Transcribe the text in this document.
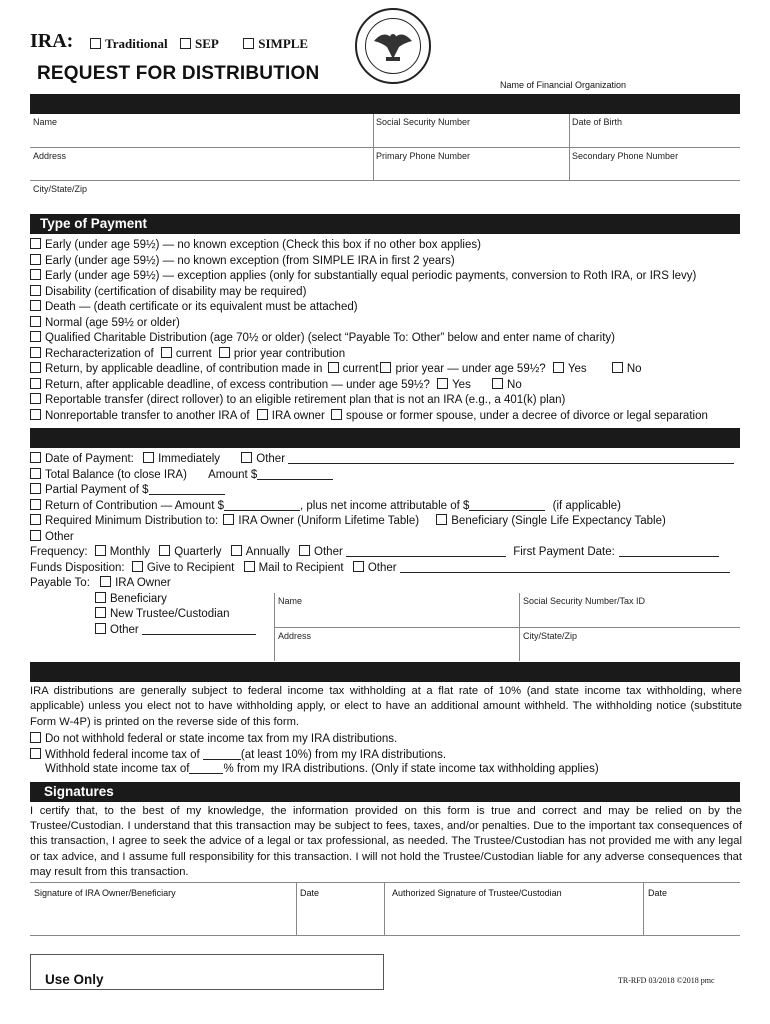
IRA:	Traditional SEP	SIMPLE
REQUEST FOR DISTRIBUTION
Name of Financial Organization
Name	Social Security Number	Date of Birth
Address	Primary Phone Number	Secondary Phone Number
City/State/Zip
Type of Payment
Early (under age 59½) — no known exception (Check this box if no other box applies)
Early (under age 59½) — no known exception (from SIMPLE IRA in first 2 years)
Early (under age 59½) — exception applies (only for substantially equal periodic payments, conversion to Roth IRA, or IRS levy)
Disability (certification of disability may be required)
Death — (death certificate or its equivalent must be attached)
Normal (age 59½ or older)
Qualified Charitable Distribution (age 70½ or older) (select “Payable To: Other” below and enter name of charity)
Recharacterization of current prior year contribution
Return, by applicable deadline, of contribution made in current prior year — under age 59½? Yes	No
Return, after applicable deadline, of excess contribution — under age 59½? Yes	No
Reportable transfer (direct rollover) to an eligible retirement plan that is not an IRA (e.g., a 401(k) plan)
Nonreportable transfer to another IRA of IRA owner spouse or former spouse, under a decree of divorce or legal separation
Date of Payment: Immediately	Other
Total Balance (to close IRA) Amount $
Partial Payment of $
Return of Contribution — Amount $	, plus net income attributable of $	(if applicable)
Required Minimum Distribution to: IRA Owner (Uniform Lifetime Table)	Beneficiary (Single Life Expectancy Table)
Other
Frequency: Monthly Quarterly Annually Other	First Payment Date:
Funds Disposition: Give to Recipient Mail to Recipient Other
Payable To: IRA Owner
Beneficiary
New Trustee/Custodian
Other
Name	Social Security Number/Tax ID
Address	City/State/Zip
IRA distributions are generally subject to federal income tax withholding at a flat rate of 10% (and state income tax withholding, where applicable) unless you elect not to have withholding apply, or elect to have an additional amount withheld. The withholding notice (substitute Form W-4P) is printed on the reverse side of this form.
Do not withhold federal or state income tax from my IRA distributions.
Withhold federal income tax of	(at least 10%) from my IRA distributions.
Withhold state income tax of	% from my IRA distributions. (Only if state income tax withholding applies)
Signatures
I certify that, to the best of my knowledge, the information provided on this form is true and correct and may be relied on by the Trustee/Custodian. I understand that this transaction may be subject to fees, taxes, and/or penalties. Due to the important tax consequences of this transaction, I agree to seek the advice of a legal or tax professional, as needed. The Trustee/Custodian has not provided me with any legal or tax advice, and I assume full responsibility for this transaction. I will not hold the Trustee/Custodian liable for any adverse consequences that may result from this transaction.
Signature of IRA Owner/Beneficiary	Date	Authorized Signature of Trustee/Custodian	Date
Use Only	TR-RFD 03/2018 ©2018 pmc
